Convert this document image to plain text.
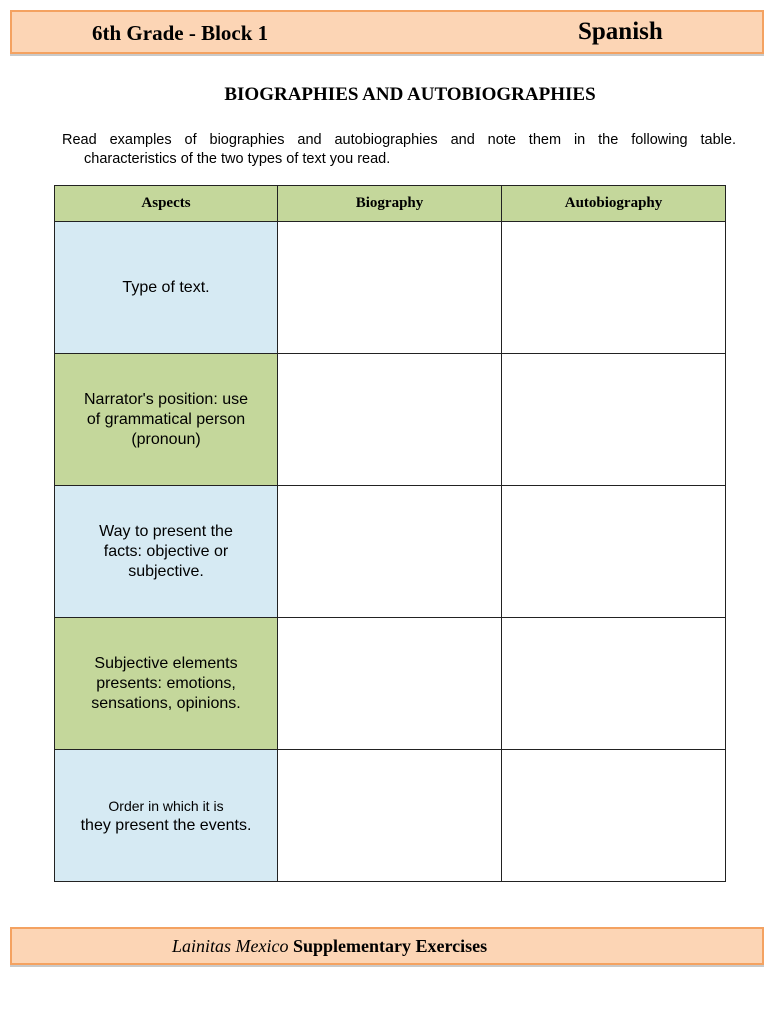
6th Grade - Block 1	Spanish
BIOGRAPHIES AND AUTOBIOGRAPHIES
Read examples of biographies and autobiographies and note them in the following table.
characteristics of the two types of text you read.
Aspects	Biography	Autobiography

Type of text.		

Narrator's position: use
of grammatical person
(pronoun)		

Way to present the
facts: objective or
subjective.		

Subjective elements
presents: emotions,
sensations, opinions.		

Order in which it is
they present the events.		

Lainitas Mexico Supplementary Exercises
